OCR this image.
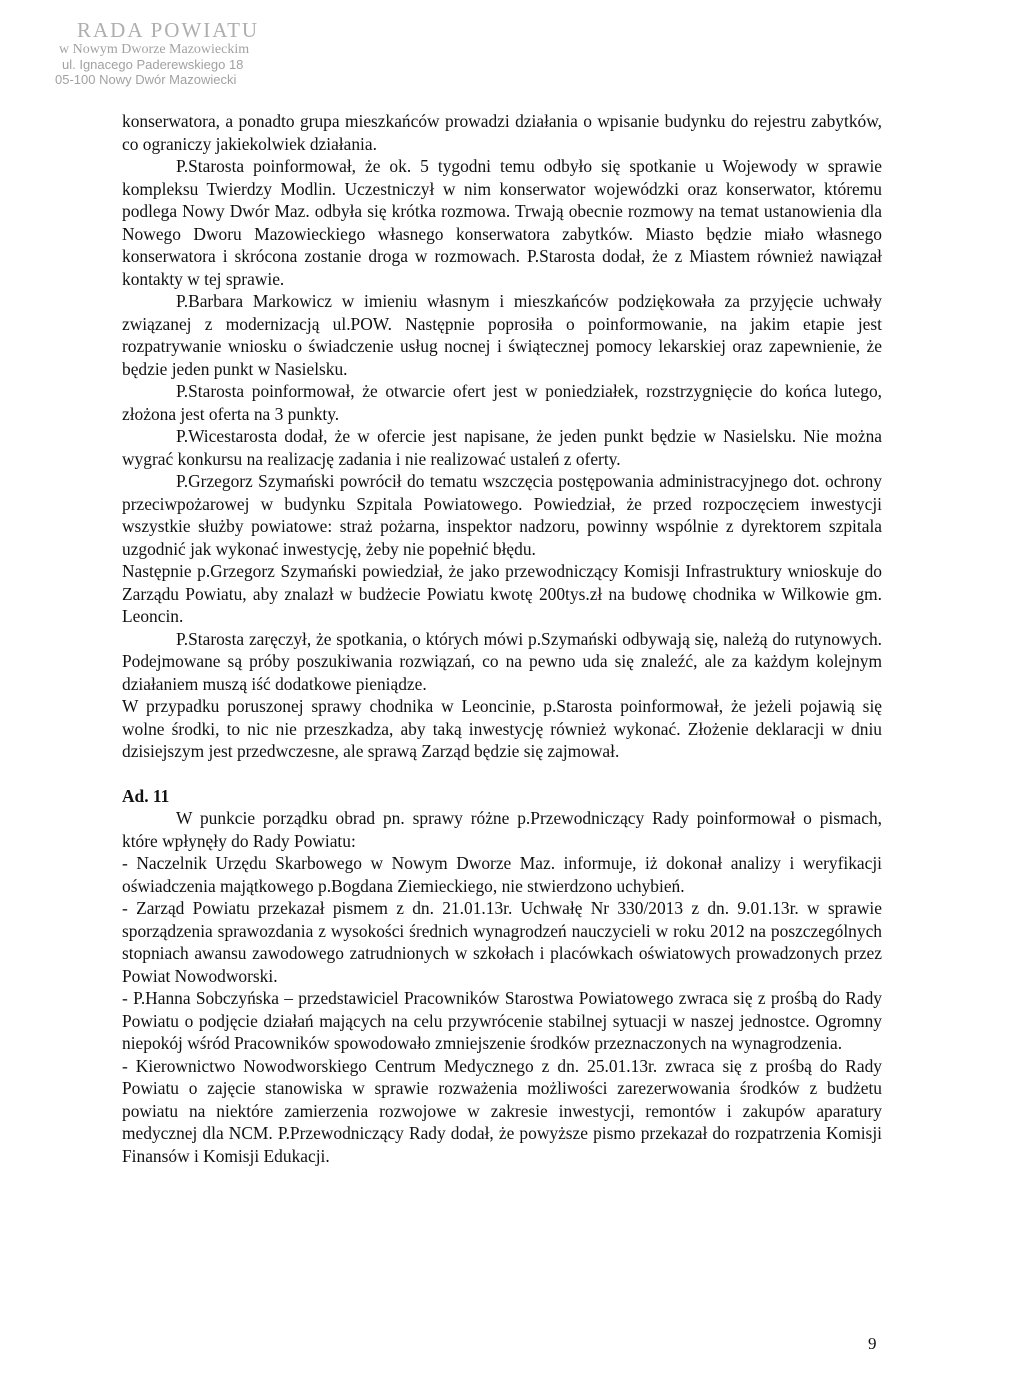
RADA POWIATU
w Nowym Dworze Mazowieckim
ul. Ignacego Paderewskiego 18
05-100 Nowy Dwór Mazowiecki

konserwatora, a ponadto grupa mieszkańców prowadzi działania o wpisanie budynku do rejestru zabytków, co ograniczy jakiekolwiek działania.

P.Starosta poinformował, że ok. 5 tygodni temu odbyło się spotkanie u Wojewody w sprawie kompleksu Twierdzy Modlin. Uczestniczył w nim konserwator wojewódzki oraz konserwator, któremu podlega Nowy Dwór Maz. odbyła się krótka rozmowa. Trwają obecnie rozmowy na temat ustanowienia dla Nowego Dworu Mazowieckiego własnego konserwatora zabytków. Miasto będzie miało własnego konserwatora i skrócona zostanie droga w rozmowach. P.Starosta dodał, że z Miastem również nawiązał kontakty w tej sprawie.

P.Barbara Markowicz w imieniu własnym i mieszkańców podziękowała za przyjęcie uchwały związanej z modernizacją ul.POW. Następnie poprosiła o poinformowanie, na jakim etapie jest rozpatrywanie wniosku o świadczenie usług nocnej i świątecznej pomocy lekarskiej oraz zapewnienie, że będzie jeden punkt w Nasielsku.

P.Starosta poinformował, że otwarcie ofert jest w poniedziałek, rozstrzygnięcie do końca lutego, złożona jest oferta na 3 punkty.

P.Wicestarosta dodał, że w ofercie jest napisane, że jeden punkt będzie w Nasielsku. Nie można wygrać konkursu na realizację zadania i nie realizować ustaleń z oferty.

P.Grzegorz Szymański powrócił do tematu wszczęcia postępowania administracyjnego dot. ochrony przeciwpożarowej w budynku Szpitala Powiatowego. Powiedział, że przed rozpoczęciem inwestycji wszystkie służby powiatowe: straż pożarna, inspektor nadzoru, powinny wspólnie z dyrektorem szpitala uzgodnić jak wykonać inwestycję, żeby nie popełnić błędu.

Następnie p.Grzegorz Szymański powiedział, że jako przewodniczący Komisji Infrastruktury wnioskuje do Zarządu Powiatu, aby znalazł w budżecie Powiatu kwotę 200tys.zł na budowę chodnika w Wilkowie gm. Leoncin.

P.Starosta zaręczył, że spotkania, o których mówi p.Szymański odbywają się, należą do rutynowych. Podejmowane są próby poszukiwania rozwiązań, co na pewno uda się znaleźć, ale za każdym kolejnym działaniem muszą iść dodatkowe pieniądze.

W przypadku poruszonej sprawy chodnika w Leoncinie, p.Starosta poinformował, że jeżeli pojawią się wolne środki, to nic nie przeszkadza, aby taką inwestycję również wykonać. Złożenie deklaracji w dniu dzisiejszym jest przedwczesne, ale sprawą Zarząd będzie się zajmował.

Ad. 11

W punkcie porządku obrad pn. sprawy różne p.Przewodniczący Rady poinformował o pismach, które wpłynęły do Rady Powiatu:

- Naczelnik Urzędu Skarbowego w Nowym Dworze Maz. informuje, iż dokonał analizy i weryfikacji oświadczenia majątkowego p.Bogdana Ziemieckiego, nie stwierdzono uchybień.

- Zarząd Powiatu przekazał pismem z dn. 21.01.13r. Uchwałę Nr 330/2013 z dn. 9.01.13r. w sprawie sporządzenia sprawozdania z wysokości średnich wynagrodzeń nauczycieli w roku 2012 na poszczególnych stopniach awansu zawodowego zatrudnionych w szkołach i placówkach oświatowych prowadzonych przez Powiat Nowodworski.

- P.Hanna Sobczyńska – przedstawiciel Pracowników Starostwa Powiatowego zwraca się z prośbą do Rady Powiatu o podjęcie działań mających na celu przywrócenie stabilnej sytuacji w naszej jednostce. Ogromny niepokój wśród Pracowników spowodowało zmniejszenie środków przeznaczonych na wynagrodzenia.

- Kierownictwo Nowodworskiego Centrum Medycznego z dn. 25.01.13r. zwraca się z prośbą do Rady Powiatu o zajęcie stanowiska w sprawie rozważenia możliwości zarezerwowania środków z budżetu powiatu na niektóre zamierzenia rozwojowe w zakresie inwestycji, remontów i zakupów aparatury medycznej dla NCM. P.Przewodniczący Rady dodał, że powyższe pismo przekazał do rozpatrzenia Komisji Finansów i Komisji Edukacji.

9
